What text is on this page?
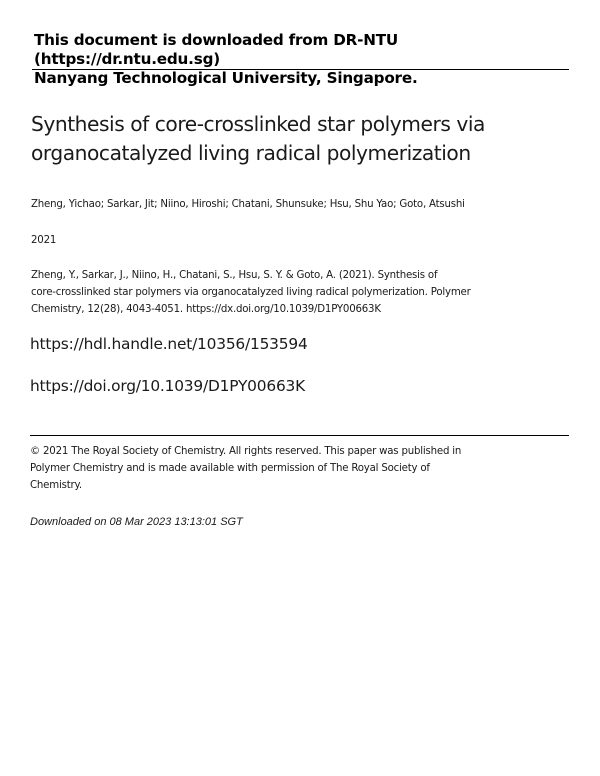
This document is downloaded from DR-NTU (https://dr.ntu.edu.sg)
Nanyang Technological University, Singapore.
Synthesis of core-crosslinked star polymers via
organocatalyzed living radical polymerization
Zheng, Yichao; Sarkar, Jit; Niino, Hiroshi; Chatani, Shunsuke; Hsu, Shu Yao; Goto, Atsushi
2021
Zheng, Y., Sarkar, J., Niino, H., Chatani, S., Hsu, S. Y. & Goto, A. (2021). Synthesis of
core-crosslinked star polymers via organocatalyzed living radical polymerization. Polymer
Chemistry, 12(28), 4043-4051. https://dx.doi.org/10.1039/D1PY00663K
https://hdl.handle.net/10356/153594
https://doi.org/10.1039/D1PY00663K
© 2021 The Royal Society of Chemistry. All rights reserved. This paper was published in
Polymer Chemistry and is made available with permission of The Royal Society of
Chemistry.
Downloaded on 08 Mar 2023 13:13:01 SGT
